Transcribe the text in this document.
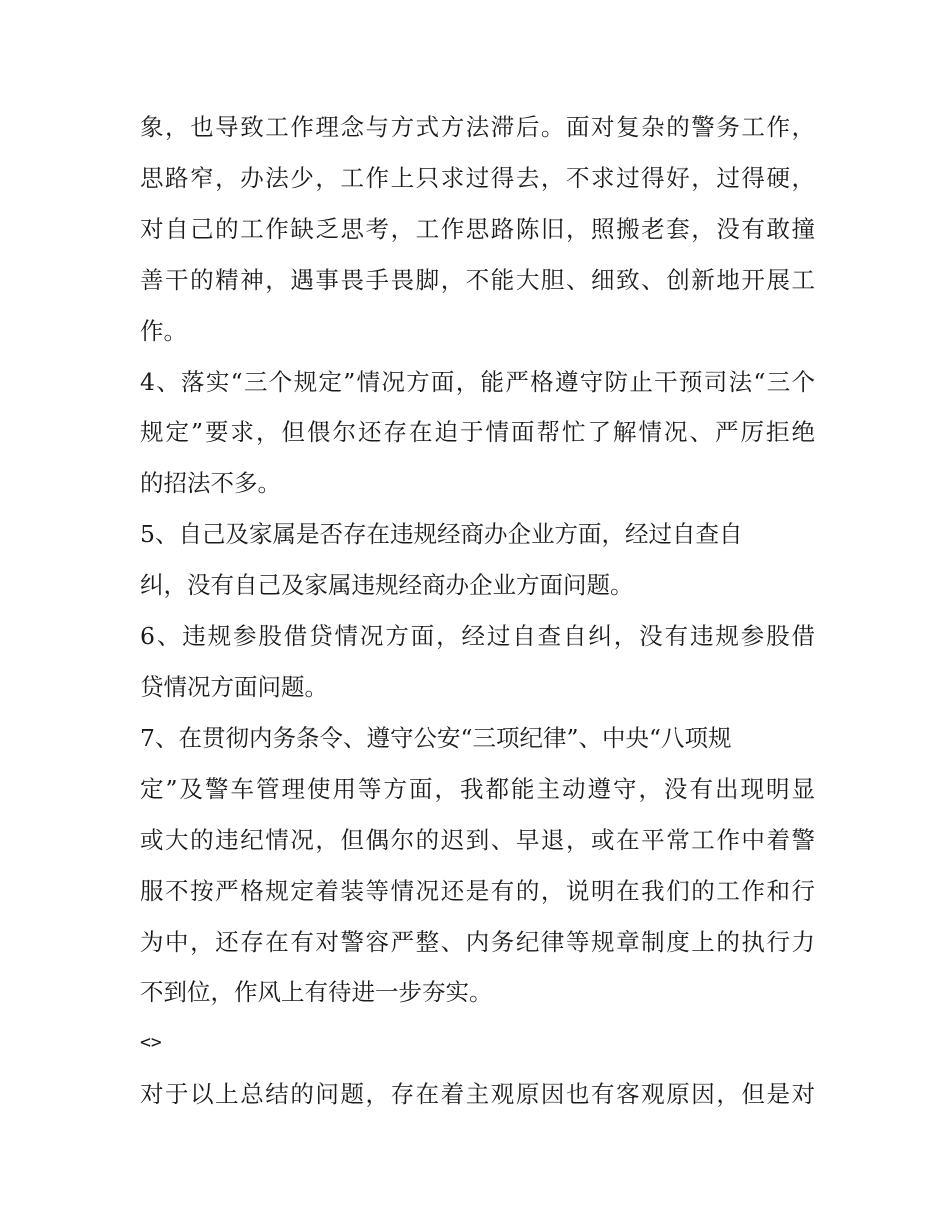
象，也导致工作理念与方式方法滞后。面对复杂的警务工作，
思路窄，办法少，工作上只求过得去，不求过得好，过得硬，
对自己的工作缺乏思考，工作思路陈旧，照搬老套，没有敢撞
善干的精神，遇事畏手畏脚，不能大胆、细致、创新地开展工
作。
4、落实“三个规定”情况方面，能严格遵守防止干预司法“三个
规定”要求，但偎尔还存在迫于情面帮忙了解情况、严厉拒绝
的招法不多。
5、自己及家属是否存在违规经商办企业方面，经过自查自
纠，没有自己及家属违规经商办企业方面问题。
6、违规参股借贷情况方面，经过自查自纠，没有违规参股借
贷情况方面问题。
7、在贯彻内务条令、遵守公安“三项纪律”、中央“八项规
定”及警车管理使用等方面，我都能主动遵守，没有出现明显
或大的违纪情况，但偶尔的迟到、早退，或在平常工作中着警
服不按严格规定着装等情况还是有的，说明在我们的工作和行
为中，还存在有对警容严整、内务纪律等规章制度上的执行力
不到位，作风上有待进一步夯实。
<>
对于以上总结的问题，存在着主观原因也有客观原因，但是对
